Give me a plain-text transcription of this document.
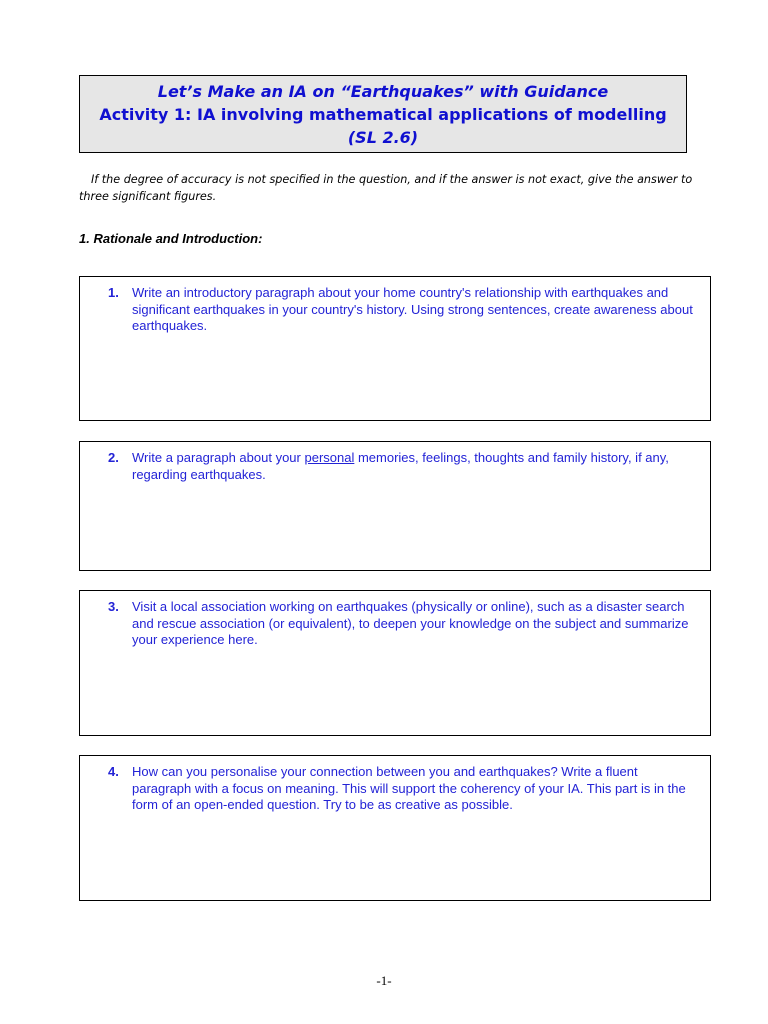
Let’s Make an IA on “Earthquakes” with Guidance
Activity 1: IA involving mathematical applications of modelling
(SL 2.6)
If the degree of accuracy is not specified in the question, and if the answer is not exact, give the answer to three significant figures.
1. Rationale and Introduction:
1. Write an introductory paragraph about your home country's relationship with earthquakes and significant earthquakes in your country's history. Using strong sentences, create awareness about earthquakes.
2. Write a paragraph about your personal memories, feelings, thoughts and family history, if any, regarding earthquakes.
3. Visit a local association working on earthquakes (physically or online), such as a disaster search and rescue association (or equivalent), to deepen your knowledge on the subject and summarize your experience here.
4. How can you personalise your connection between you and earthquakes? Write a fluent paragraph with a focus on meaning. This will support the coherency of your IA. This part is in the form of an open-ended question. Try to be as creative as possible.
-1-
